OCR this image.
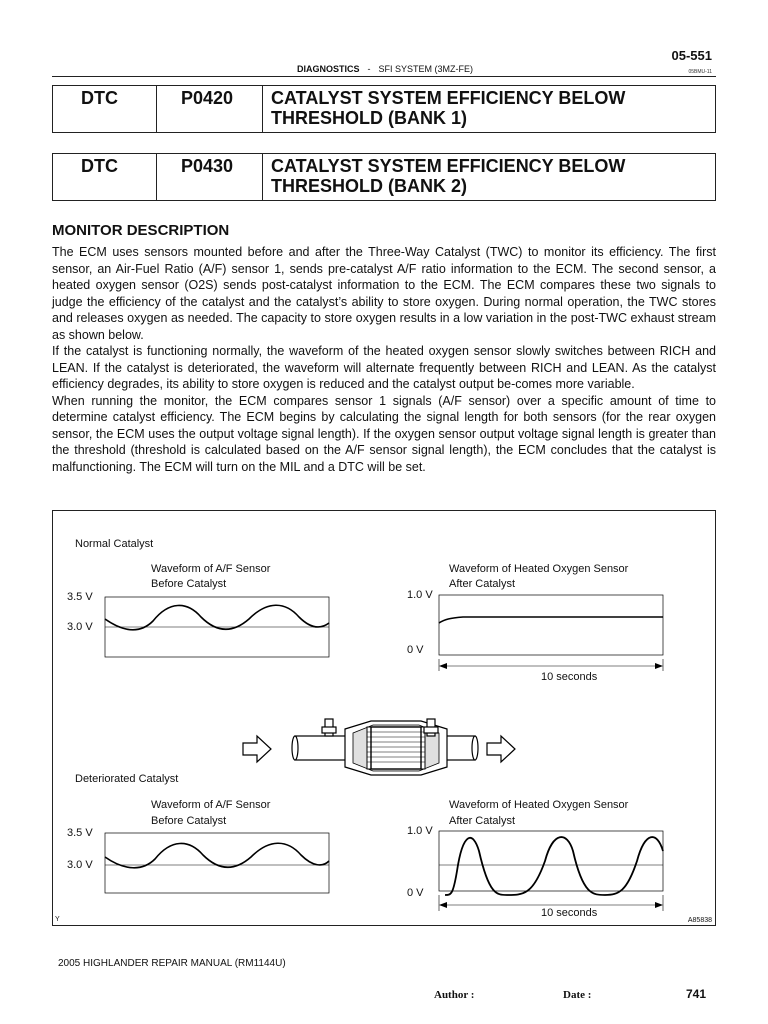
05-551
DIAGNOSTICS - SFI SYSTEM (3MZ-FE)	05BMU-11
DTC	P0420	CATALYST SYSTEM EFFICIENCY BELOW
THRESHOLD (BANK 1)
DTC	P0430	CATALYST SYSTEM EFFICIENCY BELOW
THRESHOLD (BANK 2)
MONITOR DESCRIPTION

The ECM uses sensors mounted before and after the Three-Way Catalyst (TWC) to monitor its efficiency. The first sensor, an Air-Fuel Ratio (A/F) sensor 1, sends pre-catalyst A/F ratio information to the ECM. The second sensor, a heated oxygen sensor (O2S) sends post-catalyst information to the ECM. The ECM compares these two signals to judge the efficiency of the catalyst and the catalyst’s ability to store oxygen. During normal operation, the TWC stores and releases oxygen as needed. The capacity to store oxygen results in a low variation in the post-TWC exhaust stream as shown below.

If the catalyst is functioning normally, the waveform of the heated oxygen sensor slowly switches between RICH and LEAN. If the catalyst is deteriorated, the waveform will alternate frequently between RICH and LEAN. As the catalyst efficiency degrades, its ability to store oxygen is reduced and the catalyst output be-comes more variable.

When running the monitor, the ECM compares sensor 1 signals (A/F sensor) over a specific amount of time to determine catalyst efficiency. The ECM begins by calculating the signal length for both sensors (for the rear oxygen sensor, the ECM uses the output voltage signal length). If the oxygen sensor output voltage signal length is greater than the threshold (threshold is calculated based on the A/F sensor signal length), the ECM concludes that the catalyst is malfunctioning. The ECM will turn on the MIL and a DTC will be set.

Normal Catalyst
Waveform of A/F Sensor
Before Catalyst
3.5 V
3.0 V
Waveform of Heated Oxygen Sensor
After Catalyst
1.0 V
0 V
10 seconds
Deteriorated Catalyst
Waveform of A/F Sensor
Before Catalyst
3.5 V
3.0 V
Waveform of Heated Oxygen Sensor
After Catalyst
1.0 V
0 V
10 seconds
Y	A85838
2005 HIGHLANDER REPAIR MANUAL (RM1144U)
Author :	Date :	741
